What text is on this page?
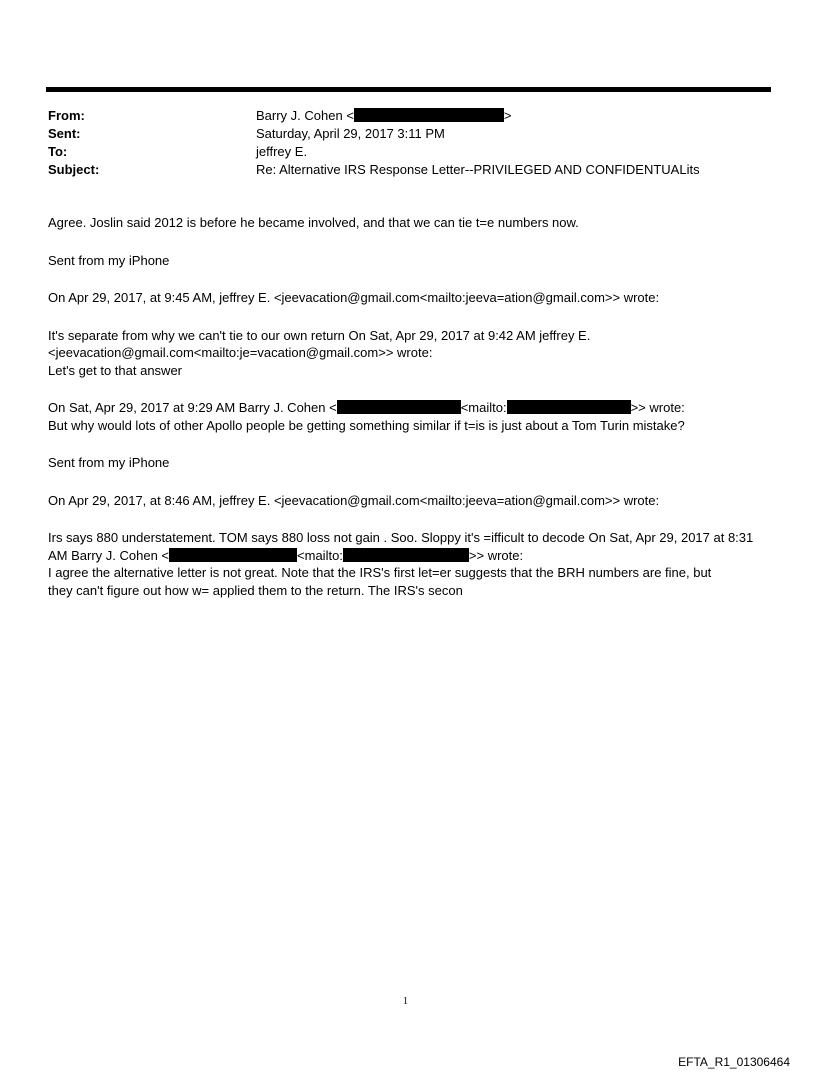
From:	Barry J. Cohen <	>
Sent:	Saturday, April 29, 2017 3:11 PM
To:	jeffrey E.
Subject:	Re: Alternative IRS Response Letter--PRIVILEGED AND CONFIDENTUALits

Agree. Joslin said 2012 is before he became involved, and that we can tie t=e numbers now.

Sent from my iPhone

On Apr 29, 2017, at 9:45 AM, jeffrey E. <jeevacation@gmail.com<mailto:jeeva=ation@gmail.com>> wrote:

It's separate from why we can't tie to our own return On Sat, Apr 29, 2017 at 9:42 AM jeffrey E.
<jeevacation@gmail.com<mailto:je=vacation@gmail.com>> wrote:
Let's get to that answer

On Sat, Apr 29, 2017 at 9:29 AM Barry J. Cohen <	<mailto:	>> wrote:
But why would lots of other Apollo people be getting something similar if t=is is just about a Tom Turin mistake?

Sent from my iPhone

On Apr 29, 2017, at 8:46 AM, jeffrey E. <jeevacation@gmail.com<mailto:jeeva=ation@gmail.com>> wrote:

Irs says 880 understatement. TOM says 880 loss not gain . Soo. Sloppy it's =ifficult to decode On Sat, Apr 29, 2017 at 8:31
AM Barry J. Cohen <	<mailto:	>> wrote:
I agree the alternative letter is not great. Note that the IRS's first let=er suggests that the BRH numbers are fine, but
they can't figure out how w= applied them to the return. The IRS's secon

1
EFTA_R1_01306464
